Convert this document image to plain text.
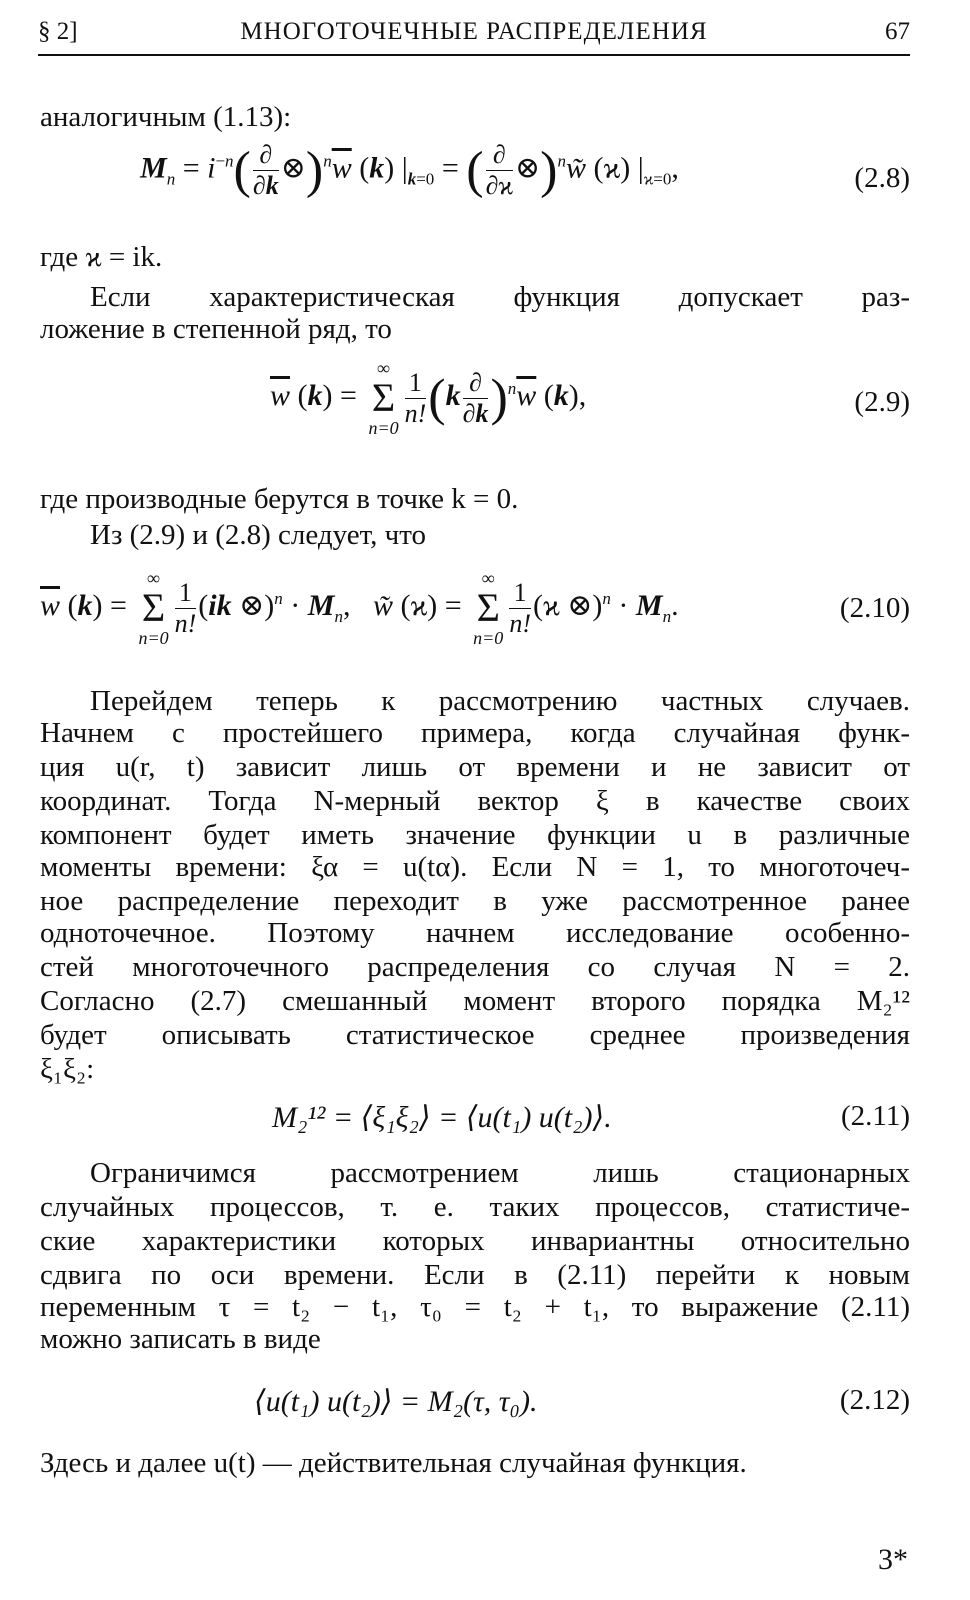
§ 2]	МНОГОТОЧЕЧНЫЕ РАСПРЕДЕЛЕНИЯ	67
аналогичным (1.13):
$M_n = i^{-n}( \frac{\partial}{\partial k}$ $\otimes)^n\overline{w}$ (k) $|_{k=0}$ = ( $\frac{\partial}{\partial ϰ}$ ⊗)$^n$w̃ (ϰ) $|_{ϰ=0}$,	(2.8)
где ϰ = ik.
Если характеристическая функция допускает раз-
ложение в степенной ряд, то
$\overline{w}$ (k) =
∞
Σ
$n=0 \frac{1}{n!} (k \frac{\partial}{\partial k} )^n\overline{w}$ (k),	(2.9)
где производные берутся в точке k = 0.
Из (2.9) и (2.8) следует, что
$\overline{w}$ (k) =
∞
Σ
$n=0 \frac{1}{n!} (ik$ ⊗)$^n$ · $M_n$,   w̃ (ϰ) =
∞
Σ
$n=0 \frac{1}{n!} (ϰ$ ⊗)$^n$ · $M_n$.	(2.10)
Перейдем теперь к рассмотрению частных случаев.
Начнем с простейшего примера, когда случайная функ-
ция u(r, t) зависит лишь от времени и не зависит от
координат. Тогда N-мерный вектор ξ в качестве своих
компонент будет иметь значение функции u в различные
моменты времени: ξα = u(tα). Если N = 1, то многоточеч-
ное распределение переходит в уже рассмотренное ранее
одноточечное. Поэтому начнем исследование особенно-
стей многоточечного распределения со случая N = 2.
Согласно (2.7) смешанный момент второго порядка M₂¹²
будет описывать статистическое среднее произведения
ξ₁ξ₂:
M₂¹² = ⟨ξ₁ξ₂⟩ = ⟨u(t₁) u(t₂)⟩.	(2.11)
Ограничимся рассмотрением лишь стационарных
случайных процессов, т. е. таких процессов, статистиче-
ские характеристики которых инвариантны относительно
сдвига по оси времени. Если в (2.11) перейти к новым
переменным τ = t₂ − t₁, τ₀ = t₂ + t₁, то выражение (2.11)
можно записать в виде
⟨u(t₁) u(t₂)⟩ = M₂(τ, τ₀).	(2.12)
Здесь и далее u(t) — действительная случайная функция.
3*
